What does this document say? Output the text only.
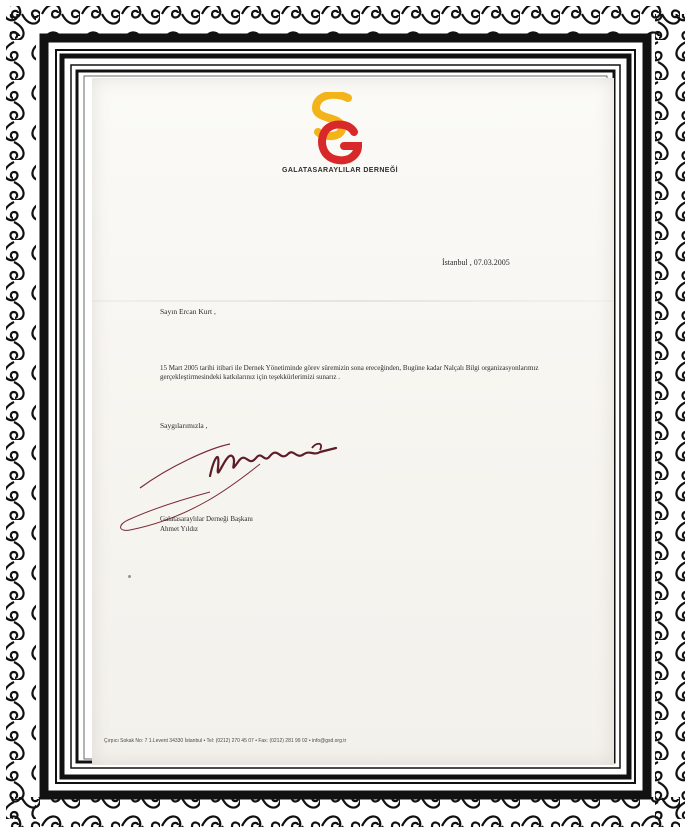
GALATASARAYLILAR DERNEĞİ
İstanbul , 07.03.2005
Sayın Ercan Kurt ,
15 Mart 2005 tarihi itibari ile Dernek Yönetiminde görev süremizin sona ereceğinden, Bugüne kadar Nalçalı Bilgi organizasyonlarımız gerçekleştirmesindeki katkılarınız için teşekkürlerimizi sunarız .
Saygılarımızla ,
Galatasaraylılar Derneği Başkanı
Ahmet Yıldız
Çırpıcı Sokak No: 7 1.Levent 34330 İstanbul • Tel: (0212) 270 45 07 • Fax: (0212) 281 99 02 • info@gsd.org.tr
